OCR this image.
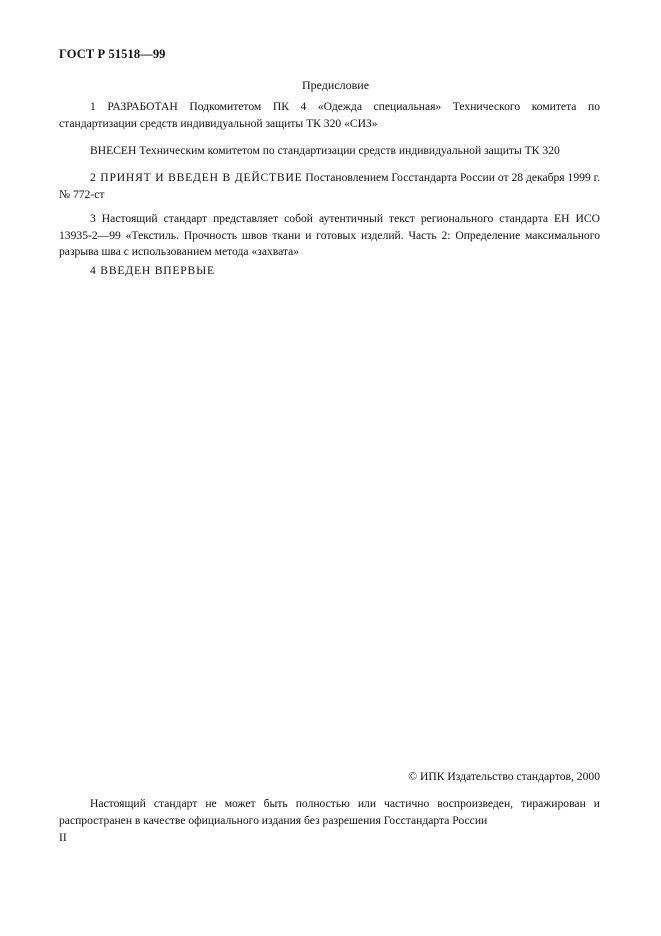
ГОСТ Р 51518—99
Предисловие
1 РАЗРАБОТАН Подкомитетом ПК 4 «Одежда специальная» Технического комитета по стандартизации средств индивидуальной защиты ТК 320 «СИЗ»
ВНЕСЕН Техническим комитетом по стандартизации средств индивидуальной защиты ТК 320
2 ПРИНЯТ И ВВЕДЕН В ДЕЙСТВИЕ Постановлением Госстандарта России от 28 декабря 1999 г. № 772-ст
3 Настоящий стандарт представляет собой аутентичный текст регионального стандарта ЕН ИСО 13935-2—99 «Текстиль. Прочность швов ткани и готовых изделий. Часть 2: Определение максимального разрыва шва с использованием метода «захвата»
4 ВВЕДЕН ВПЕРВЫЕ
© ИПК Издательство стандартов, 2000
Настоящий стандарт не может быть полностью или частично воспроизведен, тиражирован и распространен в качестве официального издания без разрешения Госстандарта России
II
